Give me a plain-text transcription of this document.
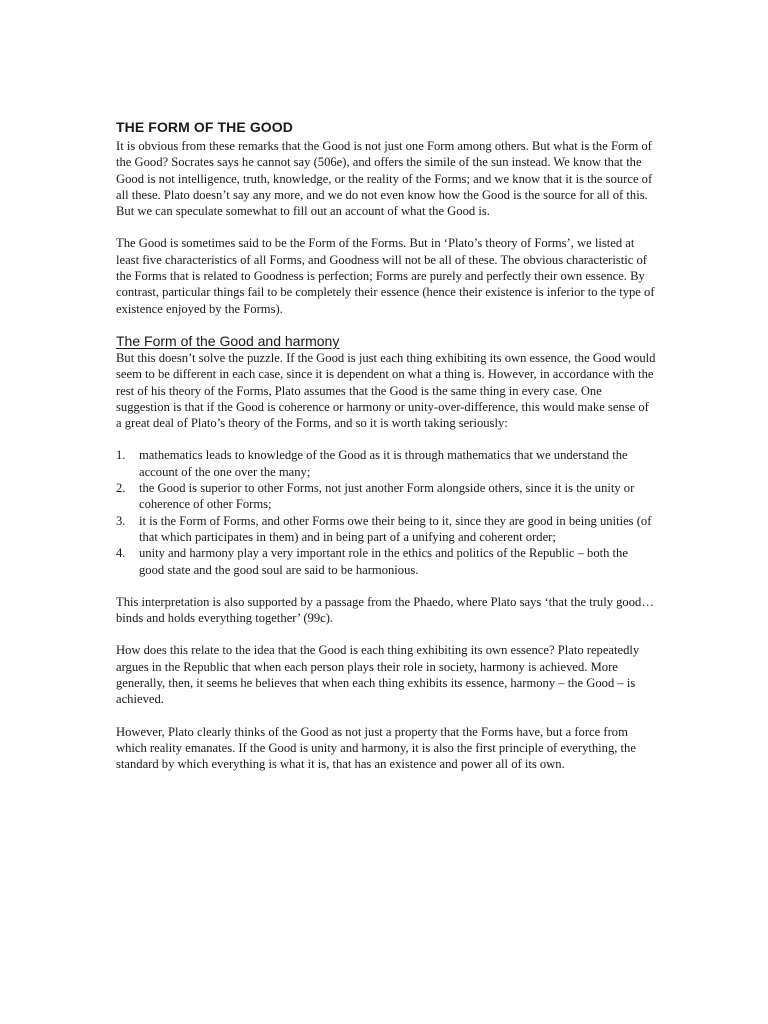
THE FORM OF THE GOOD

It is obvious from these remarks that the Good is not just one Form among others. But what is the Form of the Good? Socrates says he cannot say (506e), and offers the simile of the sun instead. We know that the Good is not intelligence, truth, knowledge, or the reality of the Forms; and we know that it is the source of all these. Plato doesn’t say any more, and we do not even know how the Good is the source for all of this. But we can speculate somewhat to fill out an account of what the Good is.

The Good is sometimes said to be the Form of the Forms. But in ‘Plato’s theory of Forms’, we listed at least five characteristics of all Forms, and Goodness will not be all of these. The obvious characteristic of the Forms that is related to Goodness is perfection; Forms are purely and perfectly their own essence. By contrast, particular things fail to be completely their essence (hence their existence is inferior to the type of existence enjoyed by the Forms).

The Form of the Good and harmony

But this doesn’t solve the puzzle. If the Good is just each thing exhibiting its own essence, the Good would seem to be different in each case, since it is dependent on what a thing is. However, in accordance with the rest of his theory of the Forms, Plato assumes that the Good is the same thing in every case. One suggestion is that if the Good is coherence or harmony or unity-over-difference, this would make sense of a great deal of Plato’s theory of the Forms, and so it is worth taking seriously:

1. mathematics leads to knowledge of the Good as it is through mathematics that we understand the account of the one over the many;
2. the Good is superior to other Forms, not just another Form alongside others, since it is the unity or coherence of other Forms;
3. it is the Form of Forms, and other Forms owe their being to it, since they are good in being unities (of that which participates in them) and in being part of a unifying and coherent order;
4. unity and harmony play a very important role in the ethics and politics of the Republic – both the good state and the good soul are said to be harmonious.

This interpretation is also supported by a passage from the Phaedo, where Plato says ‘that the truly good… binds and holds everything together’ (99c).

How does this relate to the idea that the Good is each thing exhibiting its own essence? Plato repeatedly argues in the Republic that when each person plays their role in society, harmony is achieved. More generally, then, it seems he believes that when each thing exhibits its essence, harmony – the Good – is achieved.

However, Plato clearly thinks of the Good as not just a property that the Forms have, but a force from which reality emanates. If the Good is unity and harmony, it is also the first principle of everything, the standard by which everything is what it is, that has an existence and power all of its own.
